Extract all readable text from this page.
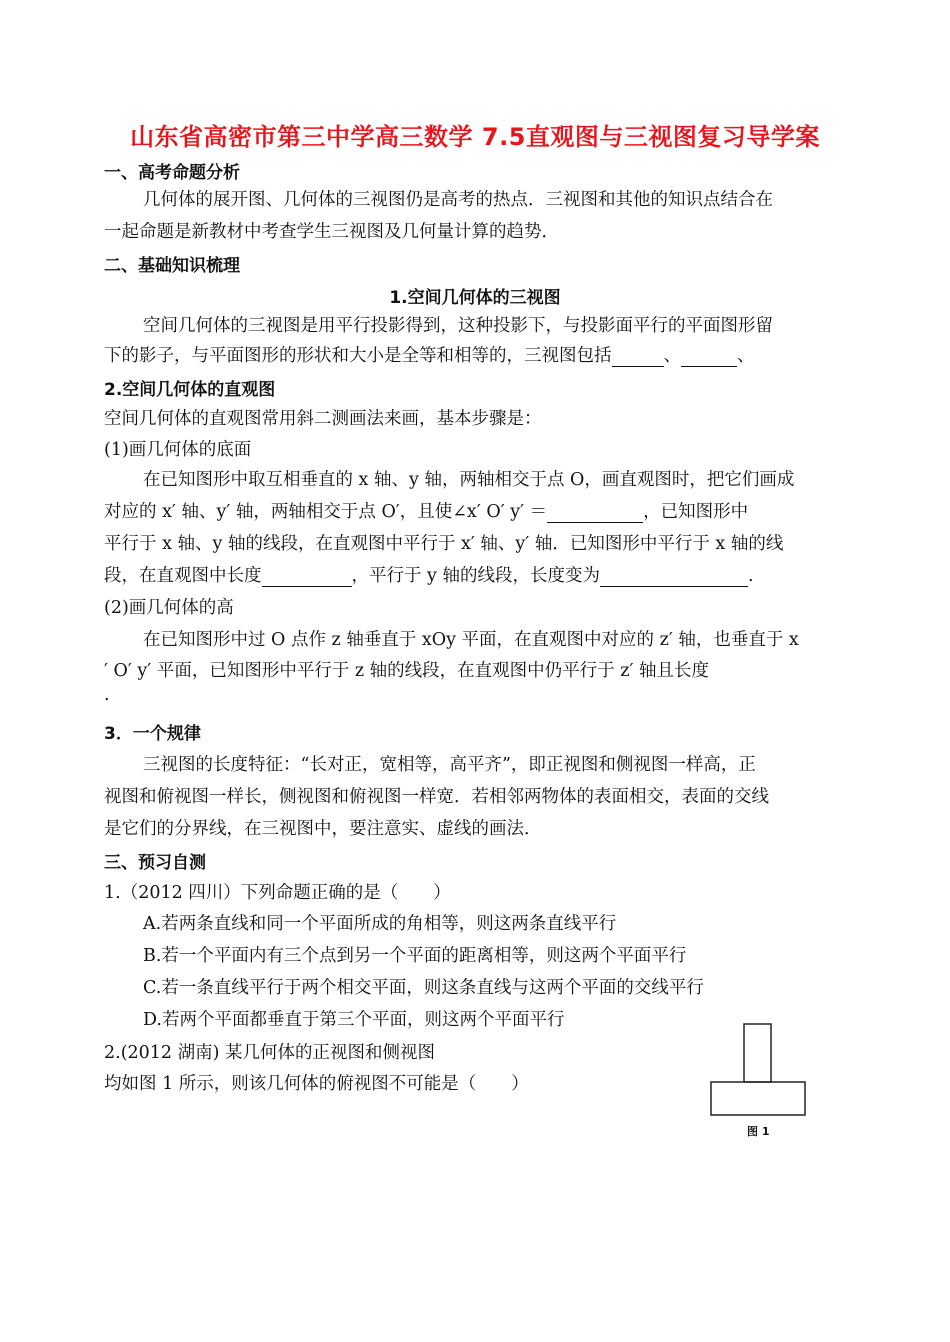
山东省高密市第三中学高三数学 7.5直观图与三视图复习导学案
一、高考命题分析
几何体的展开图、几何体的三视图仍是高考的热点．三视图和其他的知识点结合在
一起命题是新教材中考查学生三视图及几何量计算的趋势．
二、基础知识梳理
1.空间几何体的三视图
空间几何体的三视图是用平行投影得到，这种投影下，与投影面平行的平面图形留
下的影子，与平面图形的形状和大小是全等和相等的，三视图包括	、	、
2.空间几何体的直观图
空间几何体的直观图常用斜二测画法来画，基本步骤是：
(1)画几何体的底面
在已知图形中取互相垂直的 x 轴、y 轴，两轴相交于点 O，画直观图时，把它们画成
对应的 x′ 轴、y′ 轴，两轴相交于点 O′，且使∠x′ O′ y′ ＝	，已知图形中
平行于 x 轴、y 轴的线段，在直观图中平行于 x′ 轴、y′ 轴．已知图形中平行于 x 轴的线
段，在直观图中长度	，平行于 y 轴的线段，长度变为	.
(2)画几何体的高
在已知图形中过 O 点作 z 轴垂直于 xOy 平面，在直观图中对应的 z′ 轴，也垂直于 x
′ O′ y′ 平面，已知图形中平行于 z 轴的线段，在直观图中仍平行于 z′ 轴且长度
.
3．一个规律
三视图的长度特征：“长对正，宽相等，高平齐”，即正视图和侧视图一样高，正
视图和俯视图一样长，侧视图和俯视图一样宽．若相邻两物体的表面相交，表面的交线
是它们的分界线，在三视图中，要注意实、虚线的画法．
三、预习自测
1.（2012 四川）下列命题正确的是（　　）
A.若两条直线和同一个平面所成的角相等，则这两条直线平行
B.若一个平面内有三个点到另一个平面的距离相等，则这两个平面平行
C.若一条直线平行于两个相交平面，则这条直线与这两个平面的交线平行
D.若两个平面都垂直于第三个平面，则这两个平面平行
2.(2012 湖南) 某几何体的正视图和侧视图
均如图 1 所示，则该几何体的俯视图不可能是（　　）
图 1
